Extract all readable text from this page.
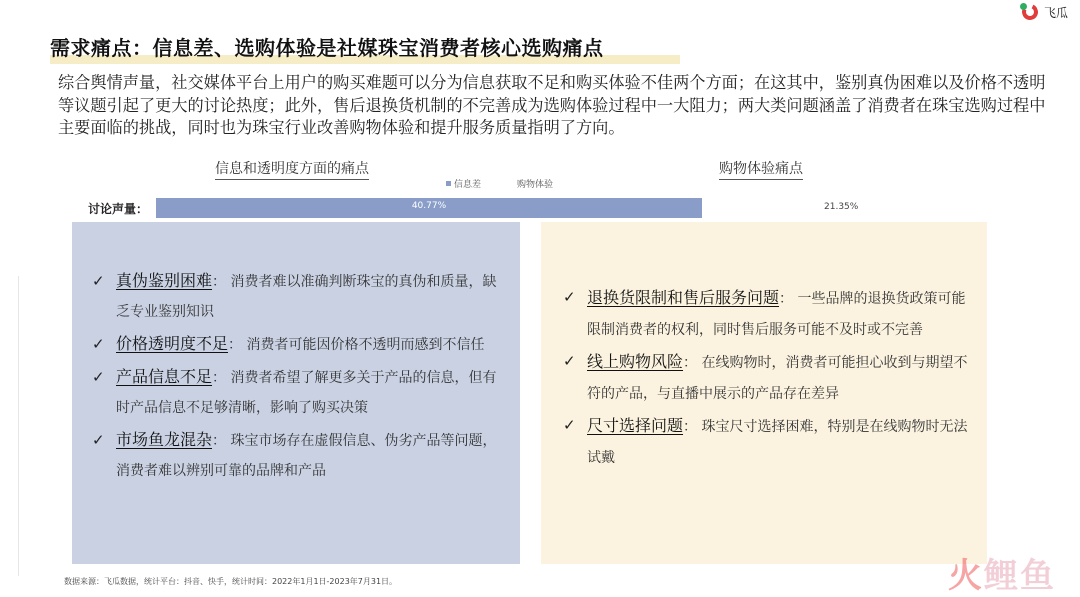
飞瓜
需求痛点：信息差、选购体验是社媒珠宝消费者核心选购痛点

综合舆情声量，社交媒体平台上用户的购买难题可以分为信息获取不足和购买体验不佳两个方面；在这其中，鉴别真伪困难以及价格不透明等议题引起了更大的讨论热度；此外，售后退换货机制的不完善成为选购体验过程中一大阻力；两大类问题涵盖了消费者在珠宝选购过程中主要面临的挑战，同时也为珠宝行业改善购物体验和提升服务质量指明了方向。

信息和透明度方面的痛点	购物体验痛点
信息差	购物体验
讨论声量：	40.77%	21.35%
✓ 真伪鉴别困难： 消费者难以准确判断珠宝的真伪和质量，缺乏专业鉴别知识
✓ 价格透明度不足： 消费者可能因价格不透明而感到不信任
✓ 产品信息不足： 消费者希望了解更多关于产品的信息，但有时产品信息不足够清晰，影响了购买决策
✓ 市场鱼龙混杂： 珠宝市场存在虚假信息、伪劣产品等问题，消费者难以辨别可靠的品牌和产品
✓ 退换货限制和售后服务问题： 一些品牌的退换货政策可能限制消费者的权利，同时售后服务可能不及时或不完善
✓ 线上购物风险： 在线购物时，消费者可能担心收到与期望不符的产品，与直播中展示的产品存在差异
✓ 尺寸选择问题： 珠宝尺寸选择困难，特别是在线购物时无法试戴
数据来源：飞瓜数据，统计平台：抖音、快手，统计时间：2022年1月1日-2023年7月31日。	火 鲤鱼
